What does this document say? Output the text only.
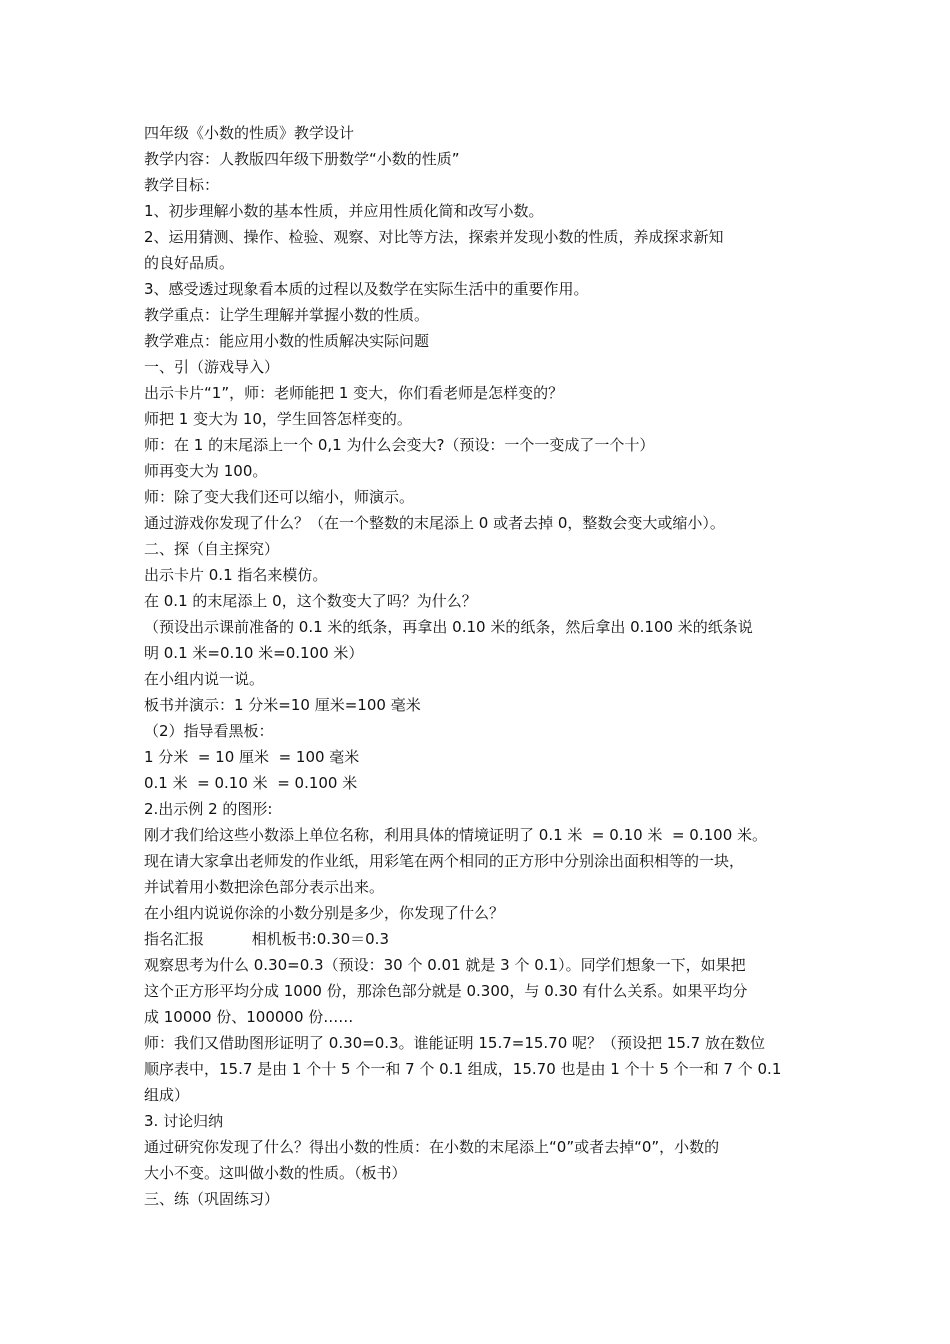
四年级《小数的性质》教学设计
教学内容：人教版四年级下册数学“小数的性质”
教学目标：
1、初步理解小数的基本性质，并应用性质化简和改写小数。
2、运用猜测、操作、检验、观察、对比等方法，探索并发现小数的性质，养成探求新知
的良好品质。
3、感受透过现象看本质的过程以及数学在实际生活中的重要作用。
教学重点：让学生理解并掌握小数的性质。
教学难点：能应用小数的性质解决实际问题
一、引（游戏导入）
出示卡片“1”，师：老师能把 1 变大，你们看老师是怎样变的？
师把 1 变大为 10，学生回答怎样变的。
师：在 1 的末尾添上一个 0,1 为什么会变大?（预设：一个一变成了一个十）
师再变大为 100。
师：除了变大我们还可以缩小，师演示。
通过游戏你发现了什么？（在一个整数的末尾添上 0 或者去掉 0，整数会变大或缩小）。
二、探（自主探究）
出示卡片 0.1 指名来模仿。
在 0.1 的末尾添上 0，这个数变大了吗？为什么？
（预设出示课前准备的 0.1 米的纸条，再拿出 0.10 米的纸条，然后拿出 0.100 米的纸条说
明 0.1 米=0.10 米=0.100 米）
在小组内说一说。
板书并演示：1 分米=10 厘米=100 毫米
（2）指导看黑板：
1 分米  = 10 厘米  = 100 毫米
0.1 米  = 0.10 米  = 0.100 米
2.出示例 2 的图形:
刚才我们给这些小数添上单位名称，利用具体的情境证明了 0.1 米  = 0.10 米  = 0.100 米。
现在请大家拿出老师发的作业纸，用彩笔在两个相同的正方形中分别涂出面积相等的一块，
并试着用小数把涂色部分表示出来。
在小组内说说你涂的小数分别是多少，你发现了什么？
指名汇报          相机板书:0.30＝0.3
观察思考为什么 0.30=0.3（预设：30 个 0.01 就是 3 个 0.1）。同学们想象一下，如果把
这个正方形平均分成 1000 份，那涂色部分就是 0.300，与 0.30 有什么关系。如果平均分
成 10000 份、100000 份……
师：我们又借助图形证明了 0.30=0.3。谁能证明 15.7=15.70 呢？（预设把 15.7 放在数位
顺序表中，15.7 是由 1 个十 5 个一和 7 个 0.1 组成，15.70 也是由 1 个十 5 个一和 7 个 0.1
组成）
3. 讨论归纳
通过研究你发现了什么？得出小数的性质：在小数的末尾添上“0”或者去掉“0”，小数的
大小不变。这叫做小数的性质。（板书）
三、练（巩固练习）
